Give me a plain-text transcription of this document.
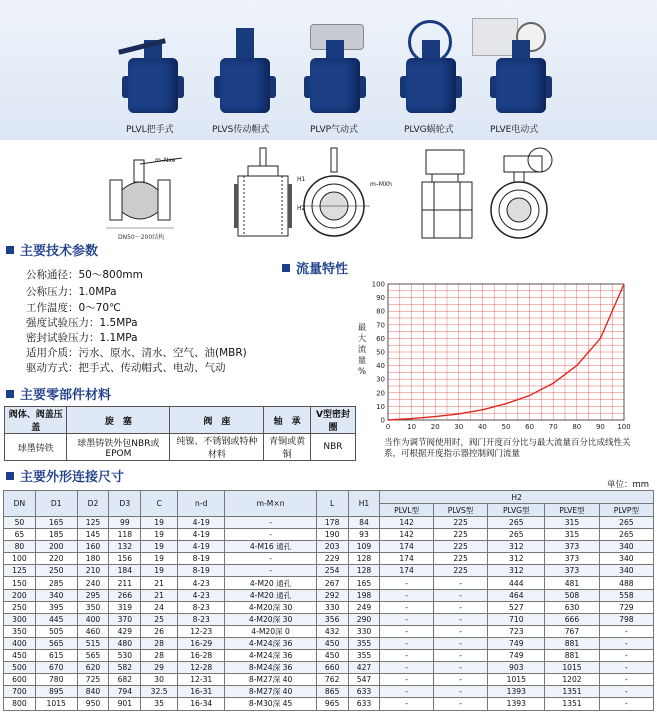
PLVL把手式	PLVS传动帽式	PLVP气动式	PLVG蜗轮式	PLVE电动式
m–Nxe
DN50～200结构
H1
H2
m–MXh
主要技术参数
公称通径：50～800mm
公称压力：1.0MPa
工作温度：0～70℃
强度试验压力：1.5MPa
密封试验压力：1.1MPa
适用介质：污水、原水、清水、空气、油(MBR)
驱动方式：把手式、传动帽式、电动、气动
流量特性
0 10 20 30 40 50 60 70 80 90 100
0
10
20
30
40
50
60
70
80
90
100
最
大
流
量
%
当作为调节阀使用时，阀门开度百分比与最大流量百分比成线性关系，可根据开度指示器控制阀门流量
主要零部件材料
阀体、阀盖压盖	旋　塞	阀　座	轴　承	V型密封圈
球墨铸铁	球墨铸铁外包NBR或EPOM	纯镍、不锈钢或特种材料	青铜或黄铜	NBR
主要外形连接尺寸	单位：mm
DN	D1	D2	D3	C	n-d	m-M×n	L	H1	H2				
									PLVL型	PLVS型	PLVG型	PLVE型	PLVP型
50	165	125	99	19	4-19	-	178	84	142	225	265	315	265
65	185	145	118	19	4-19	-	190	93	142	225	265	315	265
80	200	160	132	19	4-19	4-M16 通孔	203	109	174	225	312	373	340
100	220	180	156	19	8-19	-	229	128	174	225	312	373	340
125	250	210	184	19	8-19	-	254	128	174	225	312	373	340
150	285	240	211	21	4-23	4-M20 通孔	267	165	-	-	444	481	488
200	340	295	266	21	4-23	4-M20 通孔	292	198	-	-	464	508	558
250	395	350	319	24	8-23	4-M20深 30	330	249	-	-	527	630	729
300	445	400	370	25	8-23	4-M20深 30	356	290	-	-	710	666	798
350	505	460	429	26	12-23	4-M20深 0	432	330	-	-	723	767	-
400	565	515	480	28	16-29	4-M24深 36	450	355	-	-	749	881	-
450	615	565	530	28	16-28	4-M24深 36	450	355	-	-	749	881	-
500	670	620	582	29	12-28	8-M24深 36	660	427	-	-	903	1015	-
600	780	725	682	30	12-31	8-M27深 40	762	547	-	-	1015	1202	-
700	895	840	794	32.5	16-31	8-M27深 40	865	633	-	-	1393	1351	-
800	1015	950	901	35	16-34	8-M30深 45	965	633	-	-	1393	1351	-
